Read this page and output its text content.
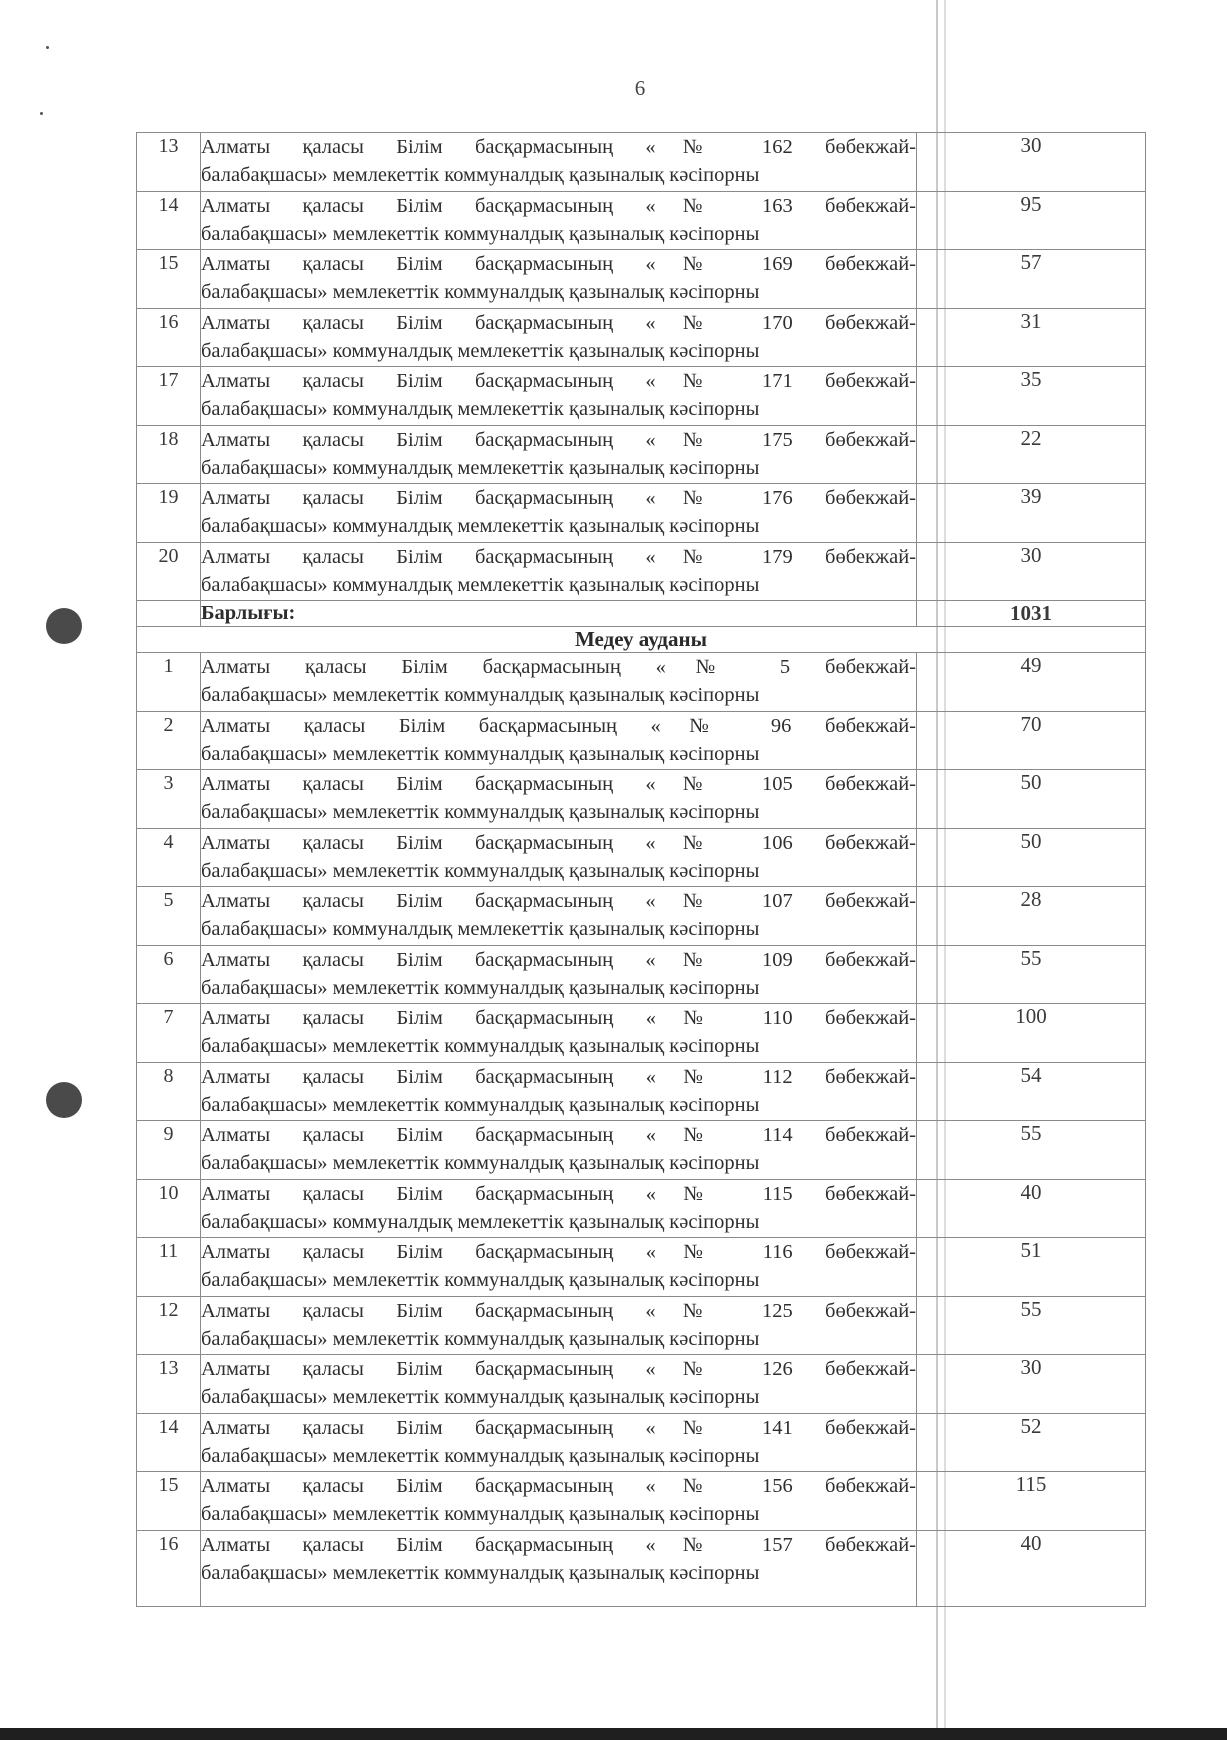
6
13	Алматы қаласы Білім басқармасының «№ 162 бөбекжай-
балабақшасы» мемлекеттік коммуналдық қазыналық кәсіпорны	30
14	Алматы қаласы Білім басқармасының «№ 163 бөбекжай-
балабақшасы» мемлекеттік коммуналдық қазыналық кәсіпорны	95
15	Алматы қаласы Білім басқармасының «№ 169 бөбекжай-
балабақшасы» мемлекеттік коммуналдық қазыналық кәсіпорны	57
16	Алматы қаласы Білім басқармасының «№ 170 бөбекжай-
балабақшасы» коммуналдық мемлекеттік қазыналық кәсіпорны	31
17	Алматы қаласы Білім басқармасының «№ 171 бөбекжай-
балабақшасы» коммуналдық мемлекеттік қазыналық кәсіпорны	35
18	Алматы қаласы Білім басқармасының «№ 175 бөбекжай-
балабақшасы» коммуналдық мемлекеттік қазыналық кәсіпорны	22
19	Алматы қаласы Білім басқармасының «№ 176 бөбекжай-
балабақшасы» коммуналдық мемлекеттік қазыналық кәсіпорны	39
20	Алматы қаласы Білім басқармасының «№ 179 бөбекжай-
балабақшасы» коммуналдық мемлекеттік қазыналық кәсіпорны	30
	Барлығы:	1031
Медеу ауданы		
1	Алматы қаласы Білім басқармасының «№ 5 бөбекжай-
балабақшасы» мемлекеттік коммуналдық қазыналық кәсіпорны	49
2	Алматы қаласы Білім басқармасының «№ 96 бөбекжай-
балабақшасы» мемлекеттік коммуналдық қазыналық кәсіпорны	70
3	Алматы қаласы Білім басқармасының «№ 105 бөбекжай-
балабақшасы» мемлекеттік коммуналдық қазыналық кәсіпорны	50
4	Алматы қаласы Білім басқармасының «№ 106 бөбекжай-
балабақшасы» мемлекеттік коммуналдық қазыналық кәсіпорны	50
5	Алматы қаласы Білім басқармасының «№ 107 бөбекжай-
балабақшасы» коммуналдық мемлекеттік қазыналық кәсіпорны	28
6	Алматы қаласы Білім басқармасының «№ 109 бөбекжай-
балабақшасы» мемлекеттік коммуналдық қазыналық кәсіпорны	55
7	Алматы қаласы Білім басқармасының «№ 110 бөбекжай-
балабақшасы» мемлекеттік коммуналдық қазыналық кәсіпорны	100
8	Алматы қаласы Білім басқармасының «№ 112 бөбекжай-
балабақшасы» мемлекеттік коммуналдық қазыналық кәсіпорны	54
9	Алматы қаласы Білім басқармасының «№ 114 бөбекжай-
балабақшасы» мемлекеттік коммуналдық қазыналық кәсіпорны	55
10	Алматы қаласы Білім басқармасының «№ 115 бөбекжай-
балабақшасы» коммуналдық мемлекеттік қазыналық кәсіпорны	40
11	Алматы қаласы Білім басқармасының «№ 116 бөбекжай-
балабақшасы» мемлекеттік коммуналдық қазыналық кәсіпорны	51
12	Алматы қаласы Білім басқармасының «№ 125 бөбекжай-
балабақшасы» мемлекеттік коммуналдық қазыналық кәсіпорны	55
13	Алматы қаласы Білім басқармасының «№ 126 бөбекжай-
балабақшасы» мемлекеттік коммуналдық қазыналық кәсіпорны	30
14	Алматы қаласы Білім басқармасының «№ 141 бөбекжай-
балабақшасы» мемлекеттік коммуналдық қазыналық кәсіпорны	52
15	Алматы қаласы Білім басқармасының «№ 156 бөбекжай-
балабақшасы» мемлекеттік коммуналдық қазыналық кәсіпорны	115
16	Алматы қаласы Білім басқармасының «№ 157 бөбекжай-
балабақшасы» мемлекеттік коммуналдық қазыналық кәсіпорны	40
